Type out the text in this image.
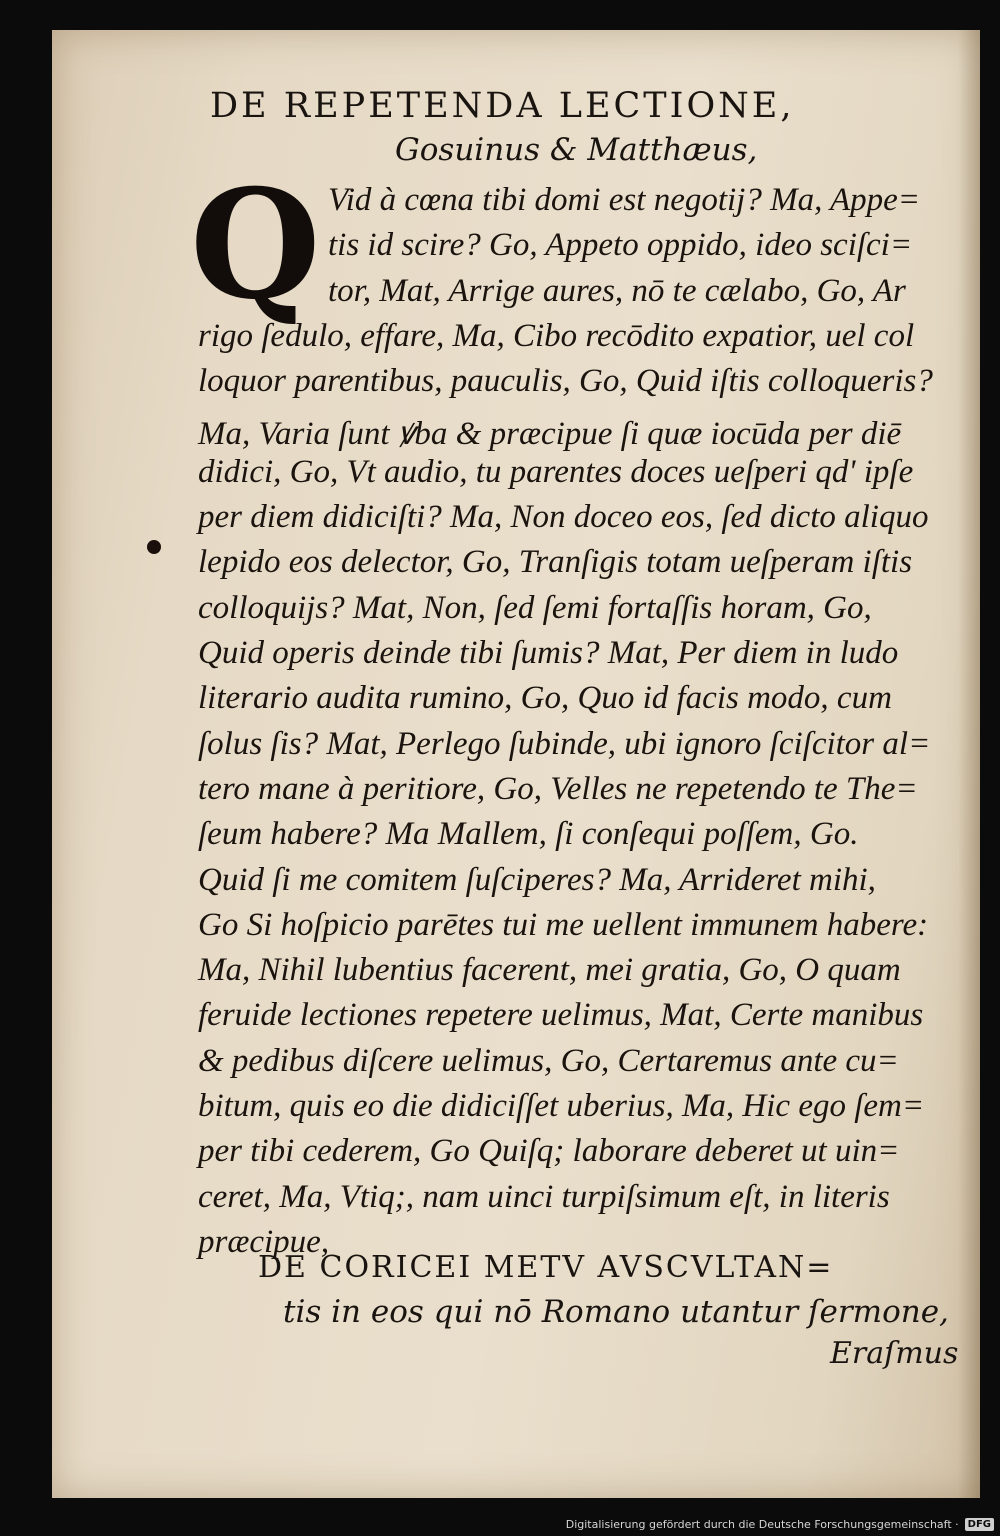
DE REPETENDA LECTIONE,
Gosuinus & Matthæus,
Q Vid à cœna tibi domi est negotij? Ma, Appe=
tis id scire? Go, Appeto oppido, ideo sciſci=
tor, Mat, Arrige aures, nō te cælabo, Go, Ar
rigo ſedulo, effare, Ma, Cibo recōdito expatior, uel col
loquor parentibus, pauculis, Go, Quid iſtis colloqueris?
Ma, Varia ſunt ꝟba & præcipue ſi quæ iocūda per diē
didici, Go, Vt audio, tu parentes doces ueſperi qd' ipſe
per diem didiciſti? Ma, Non doceo eos, ſed dicto aliquo
lepido eos delector, Go, Tranſigis totam ueſperam iſtis
colloquijs? Mat, Non, ſed ſemi fortaſſis horam, Go,
Quid operis deinde tibi ſumis? Mat, Per diem in ludo
literario audita rumino, Go, Quo id facis modo, cum
ſolus ſis? Mat, Perlego ſubinde, ubi ignoro ſciſcitor al=
tero mane à peritiore, Go, Velles ne repetendo te The=
ſeum habere? Ma Mallem, ſi conſequi poſſem, Go.
Quid ſi me comitem ſuſciperes? Ma, Arrideret mihi,
Go Si hoſpicio parētes tui me uellent immunem habere:
Ma, Nihil lubentius facerent, mei gratia, Go, O quam
feruide lectiones repetere uelimus, Mat, Certe manibus
& pedibus diſcere uelimus, Go, Certaremus ante cu=
bitum, quis eo die didiciſſet uberius, Ma, Hic ego ſem=
per tibi cederem, Go Quiſq; laborare deberet ut uin=
ceret, Ma, Vtiq;, nam uinci turpiſsimum eſt, in literis
præcipue,
DE CORICEI METV AVSCVLTAN=
tis in eos qui nō Romano utantur ſermone,
Eraſmus
Digitalisierung gefördert durch die Deutsche Forschungsgemeinschaft · DFG
